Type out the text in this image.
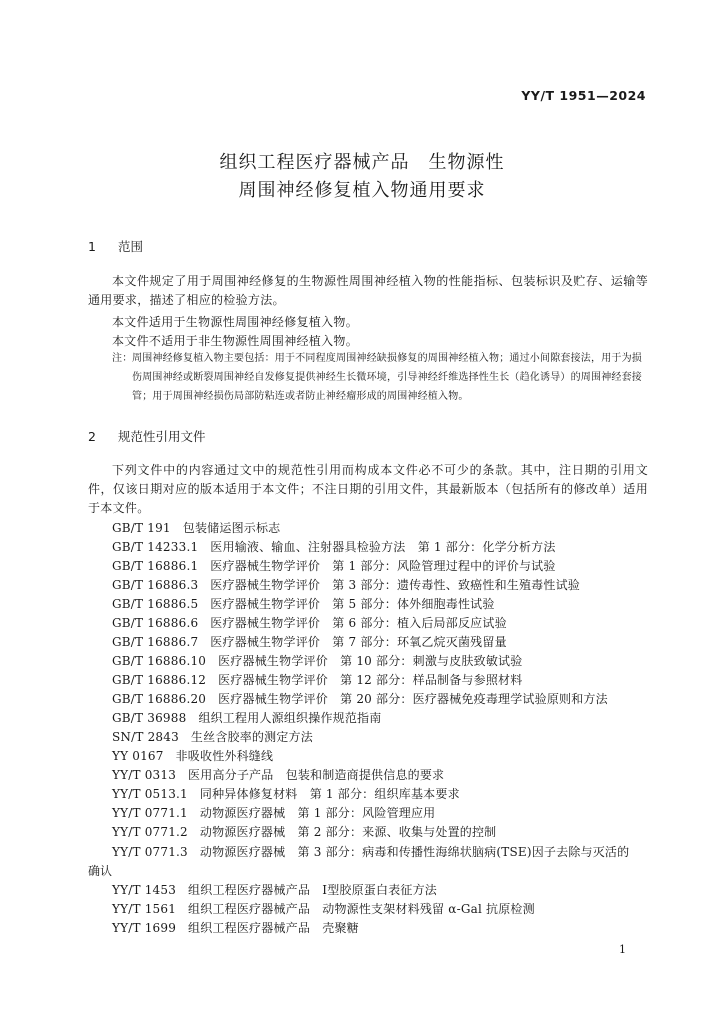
YY/T 1951—2024
组织工程医疗器械产品　生物源性
周围神经修复植入物通用要求
1 范围
本文件规定了用于周围神经修复的生物源性周围神经植入物的性能指标、包装标识及贮存、运输等通用要求，描述了相应的检验方法。
本文件适用于生物源性周围神经修复植入物。
本文件不适用于非生物源性周围神经植入物。
注： 周围神经修复植入物主要包括：用于不同程度周围神经缺损修复的周围神经植入物；通过小间隙套接法，用于为损伤周围神经或断裂周围神经自发修复提供神经生长微环境，引导神经纤维选择性生长（趋化诱导）的周围神经套接管；用于周围神经损伤局部防粘连或者防止神经瘤形成的周围神经植入物。
2 规范性引用文件
下列文件中的内容通过文中的规范性引用而构成本文件必不可少的条款。其中，注日期的引用文件，仅该日期对应的版本适用于本文件；不注日期的引用文件，其最新版本（包括所有的修改单）适用于本文件。
GB/T 191 包装储运图示标志
GB/T 14233.1 医用输液、输血、注射器具检验方法　第 1 部分：化学分析方法
GB/T 16886.1 医疗器械生物学评价　第 1 部分：风险管理过程中的评价与试验
GB/T 16886.3 医疗器械生物学评价　第 3 部分：遗传毒性、致癌性和生殖毒性试验
GB/T 16886.5 医疗器械生物学评价　第 5 部分：体外细胞毒性试验
GB/T 16886.6 医疗器械生物学评价　第 6 部分：植入后局部反应试验
GB/T 16886.7 医疗器械生物学评价　第 7 部分：环氧乙烷灭菌残留量
GB/T 16886.10 医疗器械生物学评价　第 10 部分：刺激与皮肤致敏试验
GB/T 16886.12 医疗器械生物学评价　第 12 部分：样品制备与参照材料
GB/T 16886.20 医疗器械生物学评价　第 20 部分：医疗器械免疫毒理学试验原则和方法
GB/T 36988 组织工程用人源组织操作规范指南
SN/T 2843 生丝含胶率的测定方法
YY 0167 非吸收性外科缝线
YY/T 0313 医用高分子产品　包装和制造商提供信息的要求
YY/T 0513.1 同种异体修复材料　第 1 部分：组织库基本要求
YY/T 0771.1 动物源医疗器械　第 1 部分：风险管理应用
YY/T 0771.2 动物源医疗器械　第 2 部分：来源、收集与处置的控制
YY/T 0771.3 动物源医疗器械　第 3 部分：病毒和传播性海绵状脑病(TSE)因子去除与灭活的
YY/T 1453 组织工程医疗器械产品　Ⅰ型胶原蛋白表征方法
YY/T 1561 组织工程医疗器械产品　动物源性支架材料残留 α-Gal 抗原检测
YY/T 1699 组织工程医疗器械产品　壳聚糖
确认
1
